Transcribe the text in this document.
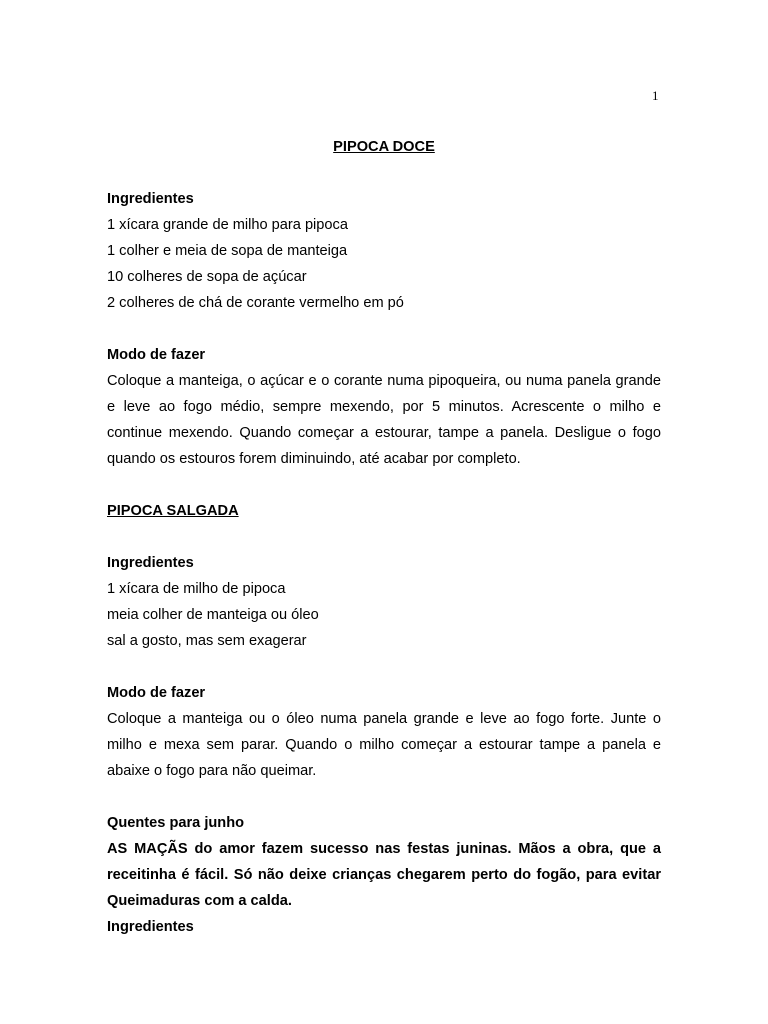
1
PIPOCA DOCE
Ingredientes
1 xícara grande de milho para pipoca
1 colher e meia de sopa de manteiga
10 colheres de sopa de açúcar
2 colheres de chá de corante vermelho em pó
Modo de fazer
Coloque a manteiga, o açúcar e o corante numa pipoqueira, ou numa panela grande e leve ao fogo médio, sempre mexendo, por 5 minutos. Acrescente o milho e continue mexendo. Quando começar a estourar, tampe a panela. Desligue o fogo quando os estouros forem diminuindo, até acabar por completo.
PIPOCA SALGADA
Ingredientes
1 xícara de milho de pipoca
meia colher de manteiga ou óleo
sal a gosto, mas sem exagerar
Modo de fazer
Coloque a manteiga ou o óleo numa panela grande e leve ao fogo forte. Junte o milho e mexa sem parar. Quando o milho começar a estourar tampe a panela e abaixe o fogo para não queimar.
Quentes para junho
AS MAÇÃS do amor fazem sucesso nas festas juninas. Mãos a obra, que a receitinha é fácil. Só não deixe crianças chegarem perto do fogão, para evitar Queimaduras com a calda.
Ingredientes
